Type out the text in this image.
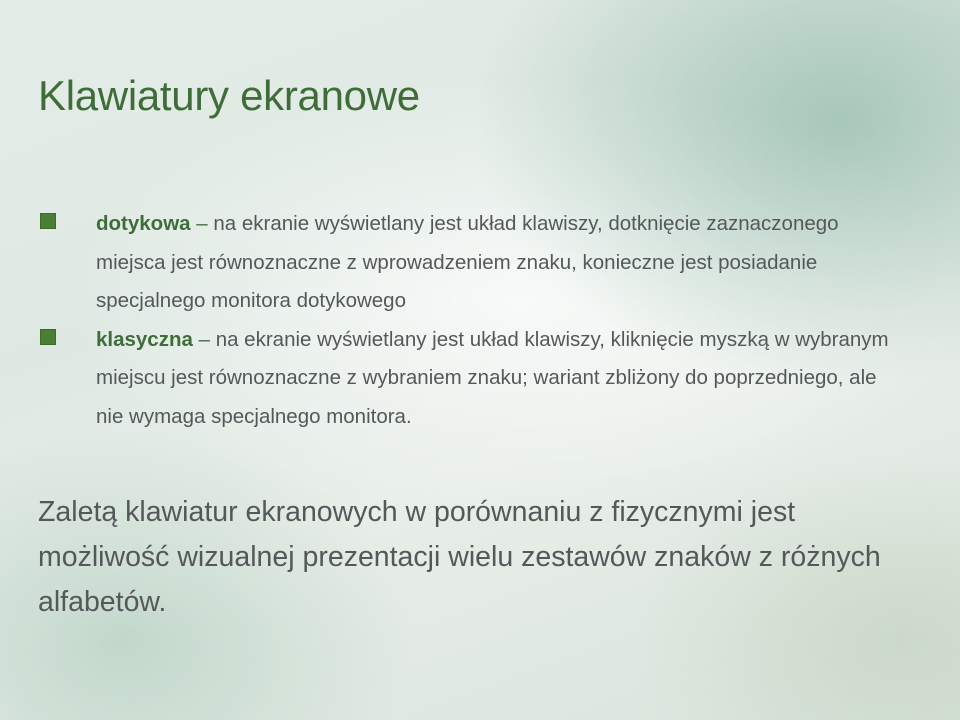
Klawiatury ekranowe
dotykowa – na ekranie wyświetlany jest układ klawiszy, dotknięcie zaznaczonego miejsca jest równoznaczne z wprowadzeniem znaku, konieczne jest posiadanie specjalnego monitora dotykowego
klasyczna – na ekranie wyświetlany jest układ klawiszy, kliknięcie myszką w wybranym miejscu jest równoznaczne z wybraniem znaku; wariant zbliżony do poprzedniego, ale nie wymaga specjalnego monitora.

Zaletą klawiatur ekranowych w porównaniu z fizycznymi jest możliwość wizualnej prezentacji wielu zestawów znaków z różnych alfabetów.
